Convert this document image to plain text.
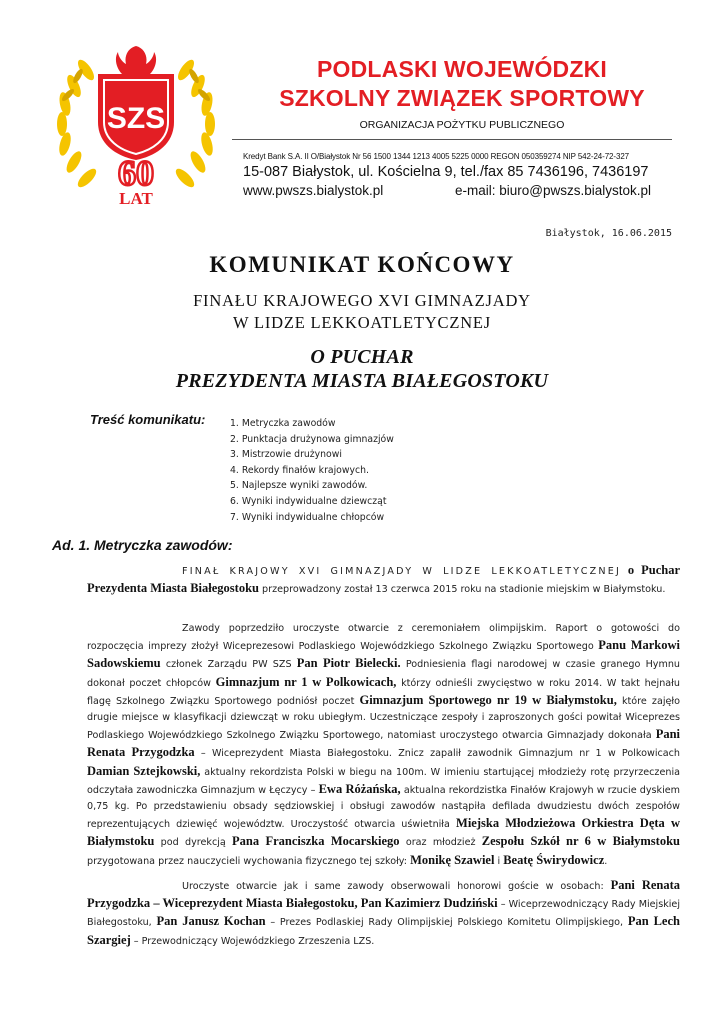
SZS
60
LAT
PODLASKI WOJEWÓDZKI
SZKOLNY ZWIĄZEK SPORTOWY
ORGANIZACJA POŻYTKU PUBLICZNEGO
Kredyt Bank S.A. II O/Białystok Nr 56 1500 1344 1213 4005 5225 0000 REGON 050359274 NIP 542-24-72-327
15-087 Białystok, ul. Kościelna 9, tel./fax 85 7436196, 7436197
www.pwszs.bialystok.pl	e-mail: biuro@pwszs.bialystok.pl
Białystok, 16.06.2015
KOMUNIKAT KOŃCOWY
FINAŁU KRAJOWEGO XVI GIMNAZJADY
W LIDZE LEKKOATLETYCZNEJ
O PUCHAR
PREZYDENTA MIASTA BIAŁEGOSTOKU
Treść komunikatu:	1. Metryczka zawodów
2. Punktacja drużynowa gimnazjów
3. Mistrzowie drużynowi
4. Rekordy finałów krajowych.
5. Najlepsze wyniki zawodów.
6. Wyniki indywidualne dziewcząt
7. Wyniki indywidualne chłopców
Ad. 1. Metryczka zawodów:
FINAŁ KRAJOWY XVI GIMNAZJADY W LIDZE LEKKOATLETYCZNEJ o Puchar Prezydenta Miasta Białegostoku przeprowadzony został 13 czerwca 2015 roku na stadionie miejskim w Białymstoku.
Zawody poprzedziło uroczyste otwarcie z ceremoniałem olimpijskim. Raport o gotowości do rozpoczęcia imprezy złożył Wiceprezesowi Podlaskiego Wojewódzkiego Szkolnego Związku Sportowego Panu Markowi Sadowskiemu członek Zarządu PW SZS Pan Piotr Bielecki. Podniesienia flagi narodowej w czasie granego Hymnu dokonał poczet chłopców Gimnazjum nr 1 w Polkowicach, którzy odnieśli zwycięstwo w roku 2014. W takt hejnału flagę Szkolnego Związku Sportowego podniósł poczet Gimnazjum Sportowego nr 19 w Białymstoku, które zajęło drugie miejsce w klasyfikacji dziewcząt w roku ubiegłym. Uczestniczące zespoły i zaproszonych gości powitał Wiceprezes Podlaskiego Wojewódzkiego Szkolnego Związku Sportowego, natomiast uroczystego otwarcia Gimnazjady dokonała Pani Renata Przygodzka – Wiceprezydent Miasta Białegostoku. Znicz zapalił zawodnik Gimnazjum nr 1 w Polkowicach Damian Sztejkowski, aktualny rekordzista Polski w biegu na 100m. W imieniu startującej młodzieży rotę przyrzeczenia odczytała zawodniczka Gimnazjum w Łęczycy – Ewa Różańska, aktualna rekordzistka Finałów Krajowyh w rzucie dyskiem 0,75 kg. Po przedstawieniu obsady sędziowskiej i obsługi zawodów nastąpiła defilada dwudziestu dwóch zespołów reprezentujących dziewięć województw. Uroczystość otwarcia uświetniła Miejska Młodzieżowa Orkiestra Dęta w Białymstoku pod dyrekcją Pana Franciszka Mocarskiego oraz młodzież Zespołu Szkół nr 6 w Białymstoku przygotowana przez nauczycieli wychowania fizycznego tej szkoły: Monikę Szawiel i Beatę Świrydowicz.
Uroczyste otwarcie jak i same zawody obserwowali honorowi goście w osobach: Pani Renata Przygodzka – Wiceprezydent Miasta Białegostoku, Pan Kazimierz Dudziński – Wiceprzewodniczący Rady Miejskiej Białegostoku, Pan Janusz Kochan – Prezes Podlaskiej Rady Olimpijskiej Polskiego Komitetu Olimpijskiego, Pan Lech Szargiej – Przewodniczący Wojewódzkiego Zrzeszenia LZS.
